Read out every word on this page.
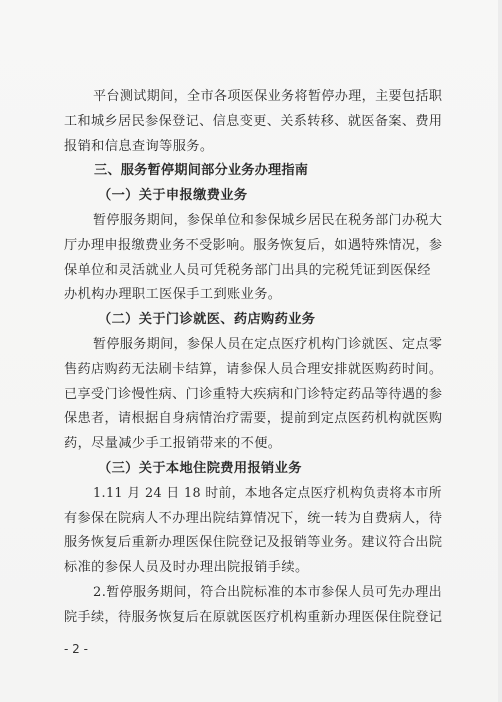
平台测试期间，全市各项医保业务将暂停办理，主要包括职
工和城乡居民参保登记、信息变更、关系转移、就医备案、费用
报销和信息查询等服务。
三、服务暂停期间部分业务办理指南
（一）关于申报缴费业务
暂停服务期间，参保单位和参保城乡居民在税务部门办税大
厅办理申报缴费业务不受影响。服务恢复后，如遇特殊情况，参
保单位和灵活就业人员可凭税务部门出具的完税凭证到医保经
办机构办理职工医保手工到账业务。
（二）关于门诊就医、药店购药业务
暂停服务期间，参保人员在定点医疗机构门诊就医、定点零
售药店购药无法刷卡结算，请参保人员合理安排就医购药时间。
已享受门诊慢性病、门诊重特大疾病和门诊特定药品等待遇的参
保患者，请根据自身病情治疗需要，提前到定点医药机构就医购
药，尽量减少手工报销带来的不便。
（三）关于本地住院费用报销业务
1.11 月 24 日 18 时前，本地各定点医疗机构负责将本市所
有参保在院病人不办理出院结算情况下，统一转为自费病人，待
服务恢复后重新办理医保住院登记及报销等业务。建议符合出院
标准的参保人员及时办理出院报销手续。
2.暂停服务期间，符合出院标准的本市参保人员可先办理出
院手续，待服务恢复后在原就医医疗机构重新办理医保住院登记
- 2 -
